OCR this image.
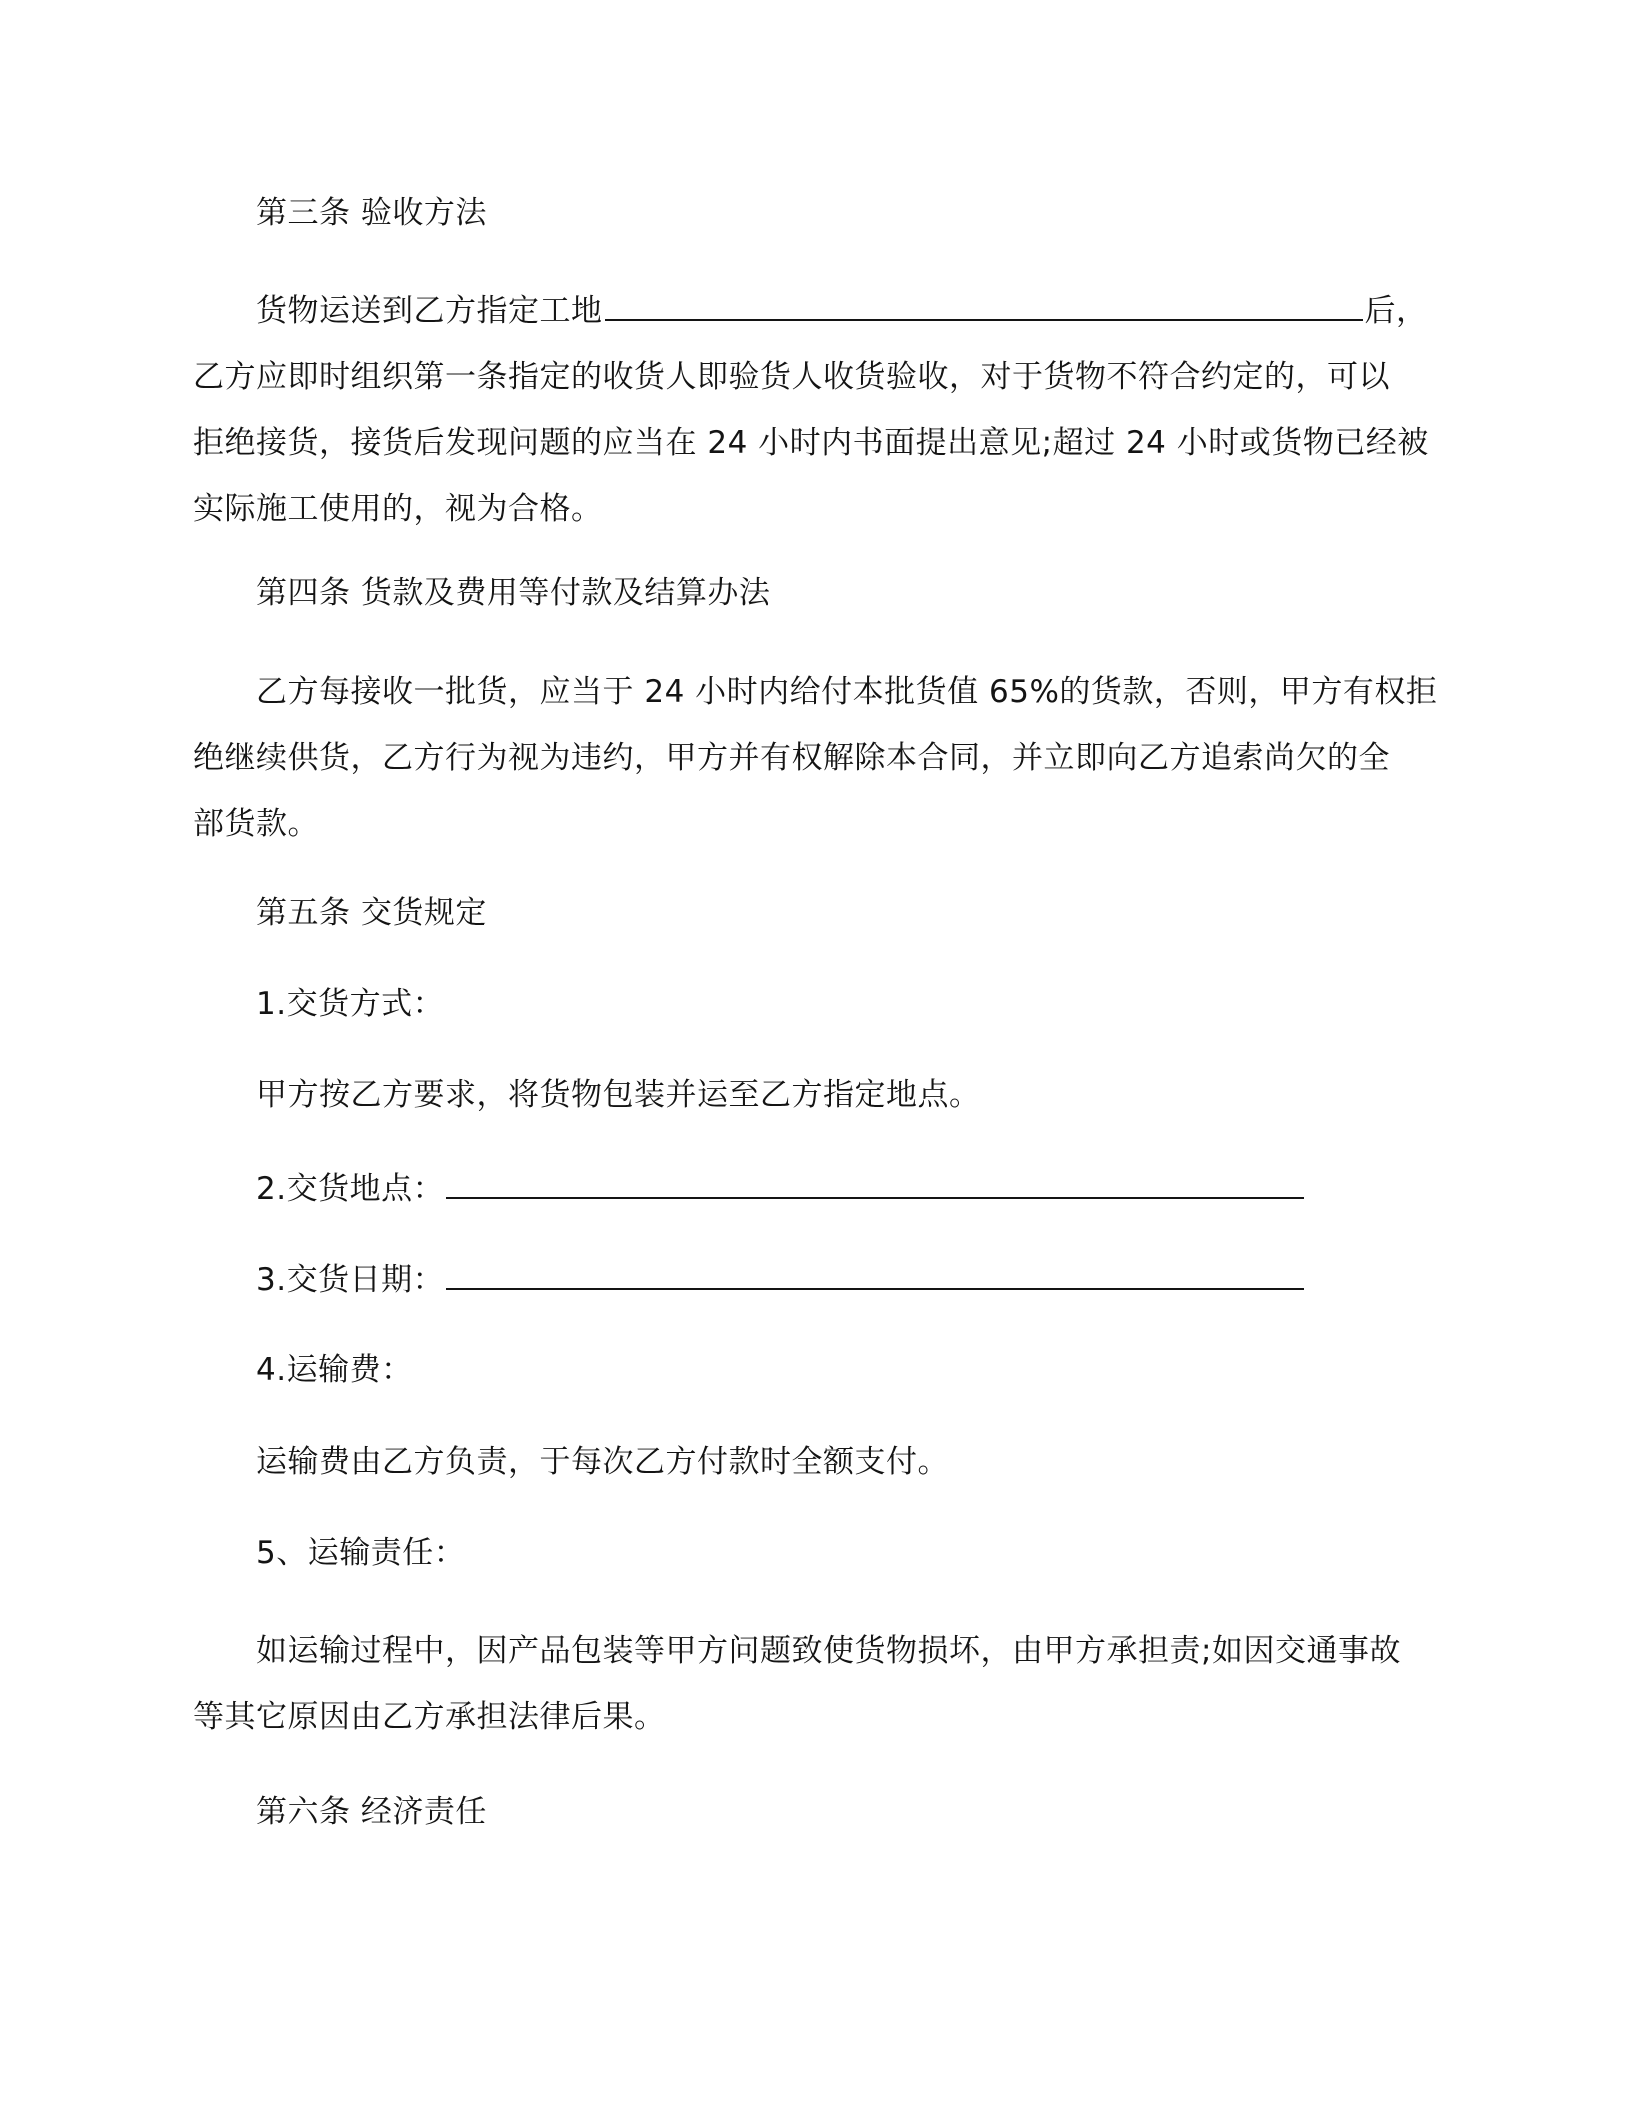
第三条 验收方法
货物运送到乙方指定工地	后，
乙方应即时组织第一条指定的收货人即验货人收货验收，对于货物不符合约定的，可以
拒绝接货，接货后发现问题的应当在 24 小时内书面提出意见;超过 24 小时或货物已经被
实际施工使用的，视为合格。
第四条 货款及费用等付款及结算办法
乙方每接收一批货，应当于 24 小时内给付本批货值 65%的货款，否则，甲方有权拒
绝继续供货，乙方行为视为违约，甲方并有权解除本合同，并立即向乙方追索尚欠的全
部货款。
第五条 交货规定
1.交货方式：
甲方按乙方要求，将货物包装并运至乙方指定地点。
2.交货地点：
3.交货日期：
4.运输费：
运输费由乙方负责，于每次乙方付款时全额支付。
5、运输责任：
如运输过程中，因产品包装等甲方问题致使货物损坏，由甲方承担责;如因交通事故
等其它原因由乙方承担法律后果。
第六条 经济责任
